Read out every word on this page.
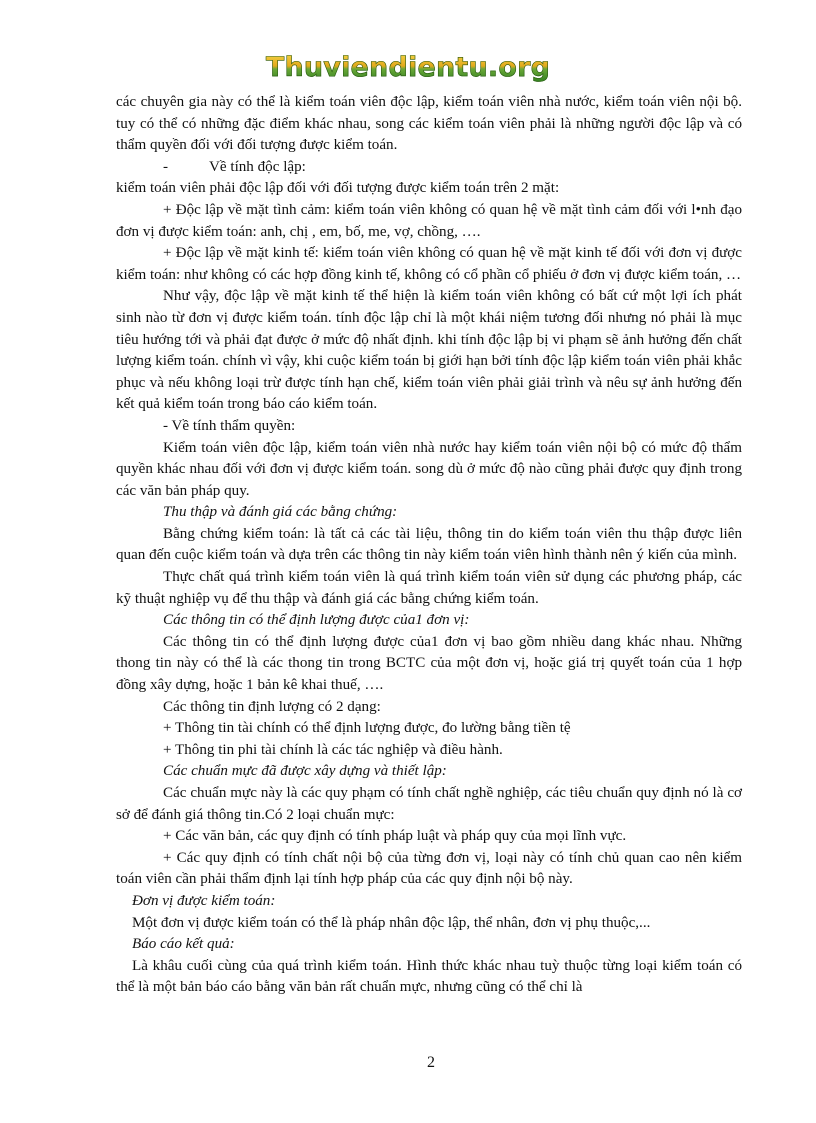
Thuviendientu.org

các chuyên gia này có thể là kiểm toán viên độc lập, kiểm toán viên nhà nước, kiểm toán viên nội bộ. tuy có thể có những đặc điểm khác nhau, song các kiểm toán viên phải là những người độc lập và có thẩm quyền đối với đối tượng được kiểm toán.

-	Về tính độc lập:

kiểm toán viên phải độc lập đối với đối tượng được kiểm toán trên 2 mặt:

+ Độc lập về mặt tình cảm: kiểm toán viên không có quan hệ về mặt tình cảm đối với l•nh đạo đơn vị được kiểm toán: anh, chị , em, bố, me, vợ, chồng, ….

+ Độc lập về mặt kinh tế: kiểm toán viên không có quan hệ về mặt kinh tế đối với đơn vị được kiểm toán: như không có các hợp đồng kinh tế, không có cổ phần cổ phiếu ở đơn vị được kiểm toán, …

Như vậy, độc lập về mặt kinh tế thể hiện là kiểm toán viên không có bất cứ một lợi ích phát sinh nào từ đơn vị được kiểm toán. tính độc lập chỉ là một khái niệm tương đối nhưng nó phải là mục tiêu hướng tới và phải đạt được ở mức độ nhất định. khi tính độc lập bị vi phạm sẽ ảnh hưởng đến chất lượng kiểm toán. chính vì vậy, khi cuộc kiểm toán bị giới hạn bởi tính độc lập kiểm toán viên phải khắc phục và nếu không loại trừ được tính hạn chế, kiểm toán viên phải giải trình và nêu sự ảnh hưởng đến kết quả kiểm toán trong báo cáo kiểm toán.

- Về tính thẩm quyền:

Kiểm toán viên độc lập, kiểm toán viên nhà nước hay kiểm toán viên nội bộ có mức độ thẩm quyền khác nhau đối với đơn vị được kiểm toán. song dù ở mức độ nào cũng phải được quy định trong các văn bản pháp quy.

Thu thập và đánh giá các bằng chứng:

Bằng chứng kiểm toán: là tất cả các tài liệu, thông tin do kiểm toán viên thu thập được liên quan đến cuộc kiểm toán và dựa trên các thông tin này kiểm toán viên hình thành nên ý kiến của mình.

Thực chất quá trình kiểm toán viên là quá trình kiểm toán viên sử dụng các phương pháp, các kỹ thuật nghiệp vụ để thu thập và đánh giá các bằng chứng kiểm toán.

Các thông tin có thể định lượng được của1 đơn vị:

Các thông tin có thể định lượng được của1 đơn vị bao gồm nhiều dang khác nhau. Những thong tin này có thể là các thong tin trong BCTC của một đơn vị, hoặc giá trị quyết toán của 1 hợp đồng xây dựng, hoặc 1 bản kê khai thuế, ….

Các thông tin định lượng có 2 dạng:

+ Thông tin tài chính có thể định lượng được, đo lường bằng tiền tệ

+ Thông tin phi tài chính là các tác nghiệp và điều hành.

Các chuẩn mực đã được xây dựng và thiết lập:

Các chuẩn mực này là các quy phạm có tính chất nghề nghiệp, các tiêu chuẩn quy định nó là cơ sở để đánh giá thông tin.Có 2 loại chuẩn mực:

+ Các văn bản, các quy định có tính pháp luật và pháp quy của mọi lĩnh vực.

+ Các quy định có tính chất nội bộ của từng đơn vị, loại này có tính chủ quan cao nên kiểm toán viên cần phải thẩm định lại tính hợp pháp của các quy định nội bộ này.

Đơn vị được kiểm toán:

Một đơn vị được kiểm toán có thể là pháp nhân độc lập, thể nhân, đơn vị phụ thuộc,...

Báo cáo kết quả:

Là khâu cuối cùng của quá trình kiểm toán. Hình thức khác nhau tuỳ thuộc từng loại kiểm toán có thể là một bản báo cáo bằng văn bản rất chuẩn mực, nhưng cũng có thể chỉ là

2
